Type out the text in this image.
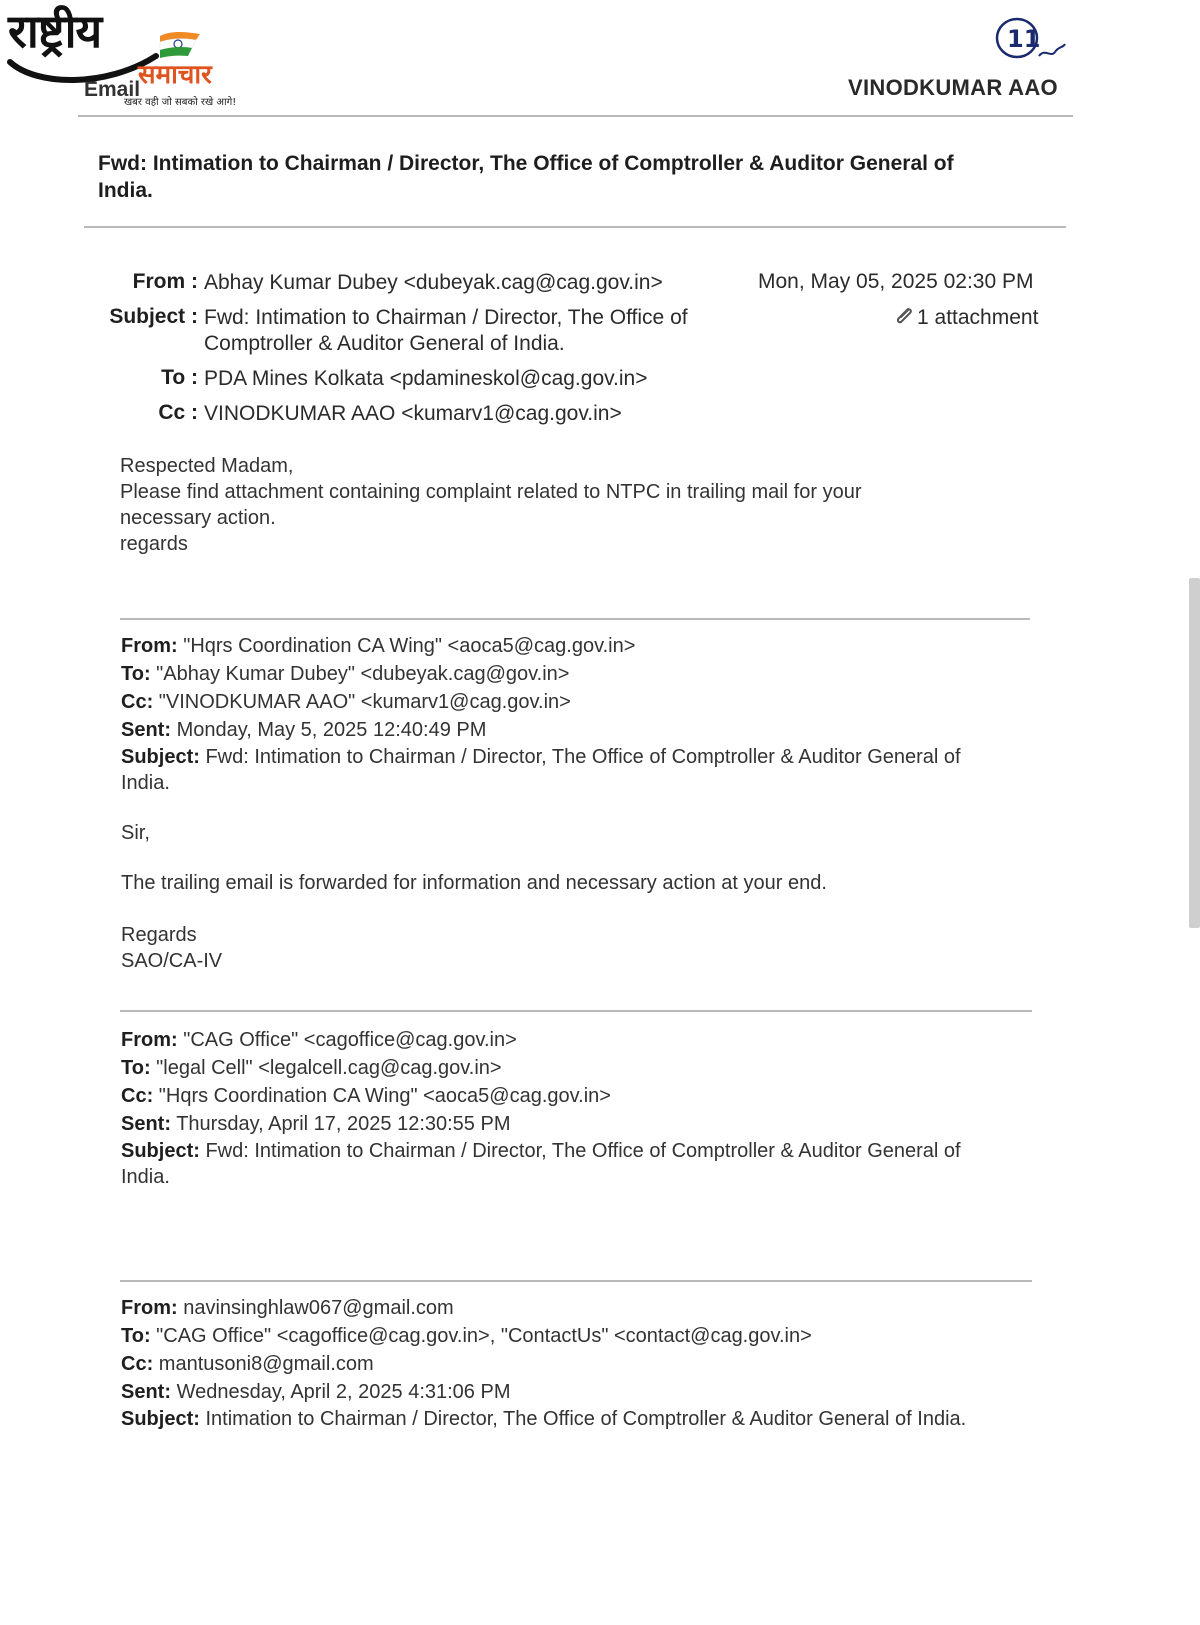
राष्ट्रीय
समाचार
खबर वही जो सबको रखे आगे!
Email
11
VINODKUMAR AAO
Fwd: Intimation to Chairman / Director, The Office of Comptroller & Auditor General of India.
From : Abhay Kumar Dubey <dubeyak.cag@cag.gov.in>	Mon, May 05, 2025 02:30 PM
Subject : Fwd: Intimation to Chairman / Director, The Office of
Comptroller & Auditor General of India.
1 attachment
To : PDA Mines Kolkata <pdamineskol@cag.gov.in>
Cc : VINODKUMAR AAO <kumarv1@cag.gov.in>
Respected Madam,
Please find attachment containing complaint related to NTPC in trailing mail for your
necessary action.
regards
From: "Hqrs Coordination CA Wing" <aoca5@cag.gov.in>
To: "Abhay Kumar Dubey" <dubeyak.cag@gov.in>
Cc: "VINODKUMAR AAO" <kumarv1@cag.gov.in>
Sent: Monday, May 5, 2025 12:40:49 PM
Subject: Fwd: Intimation to Chairman / Director, The Office of Comptroller & Auditor General of India.
Sir,
The trailing email is forwarded for information and necessary action at your end.
Regards
SAO/CA-IV
From: "CAG Office" <cagoffice@cag.gov.in>
To: "legal Cell" <legalcell.cag@cag.gov.in>
Cc: "Hqrs Coordination CA Wing" <aoca5@cag.gov.in>
Sent: Thursday, April 17, 2025 12:30:55 PM
Subject: Fwd: Intimation to Chairman / Director, The Office of Comptroller & Auditor General of India.
From: navinsinghlaw067@gmail.com
To: "CAG Office" <cagoffice@cag.gov.in>, "ContactUs" <contact@cag.gov.in>
Cc: mantusoni8@gmail.com
Sent: Wednesday, April 2, 2025 4:31:06 PM
Subject: Intimation to Chairman / Director, The Office of Comptroller & Auditor General of India.
